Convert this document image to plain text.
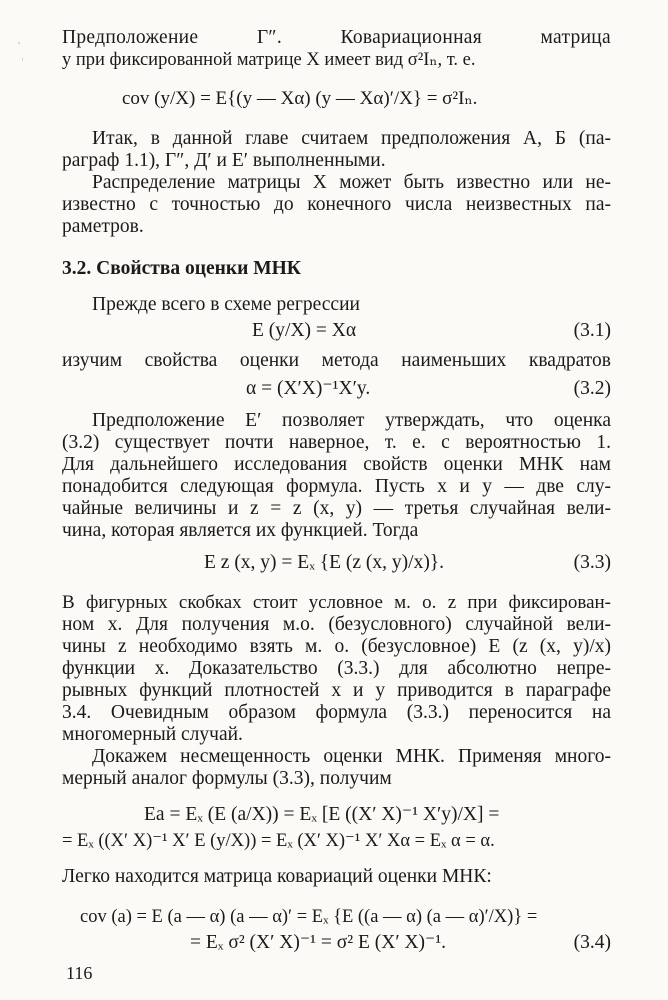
Предположение Г″. Ковариационная матрица
y при фиксированной матрице X имеет вид σ²Iₙ, т. е.
cov (y/X) = E{(y — Xα) (y — Xα)′/X} = σ²Iₙ.
Итак, в данной главе считаем предположения А, Б (па-
раграф 1.1), Г″, Д′ и Е′ выполненными.
Распределение матрицы X может быть известно или не-
известно с точностью до конечного числа неизвестных па-
раметров.
3.2. Свойства оценки МНК
Прежде всего в схеме регрессии
E (y/X) = Xα	(3.1)
изучим свойства оценки метода наименьших квадратов
α = (X′X)⁻¹X′y.	(3.2)
Предположение Е′ позволяет утверждать, что оценка
(3.2) существует почти наверное, т. е. с вероятностью 1.
Для дальнейшего исследования свойств оценки МНК нам
понадобится следующая формула. Пусть x и y — две слу-
чайные величины и z = z (x, y) — третья случайная вели-
чина, которая является их функцией. Тогда
E z (x, y) = Eₓ {E (z (x, y)/x)}.	(3.3)
В фигурных скобках стоит условное м. о. z при фиксирован-
ном x. Для получения м.о. (безусловного) случайной вели-
чины z необходимо взять м. о. (безусловное) E (z (x, y)/x)
функции x. Доказательство (3.3.) для абсолютно непре-
рывных функций плотностей x и y приводится в параграфе
3.4. Очевидным образом формула (3.3.) переносится на
многомерный случай.
Докажем несмещенность оценки МНК. Применяя много-
мерный аналог формулы (3.3), получим
Ea = Eₓ (E (a/X)) = Eₓ [E ((X′ X)⁻¹ X′y)/X] =
= Eₓ ((X′ X)⁻¹ X′ E (y/X)) = Eₓ (X′ X)⁻¹ X′ Xα = Eₓ α = α.
Легко находится матрица ковариаций оценки МНК:
cov (a) = E (a — α) (a — α)′ = Eₓ {E ((a — α) (a — α)′/X)} =
= Eₓ σ² (X′ X)⁻¹ = σ² E (X′ X)⁻¹.	(3.4)
116
